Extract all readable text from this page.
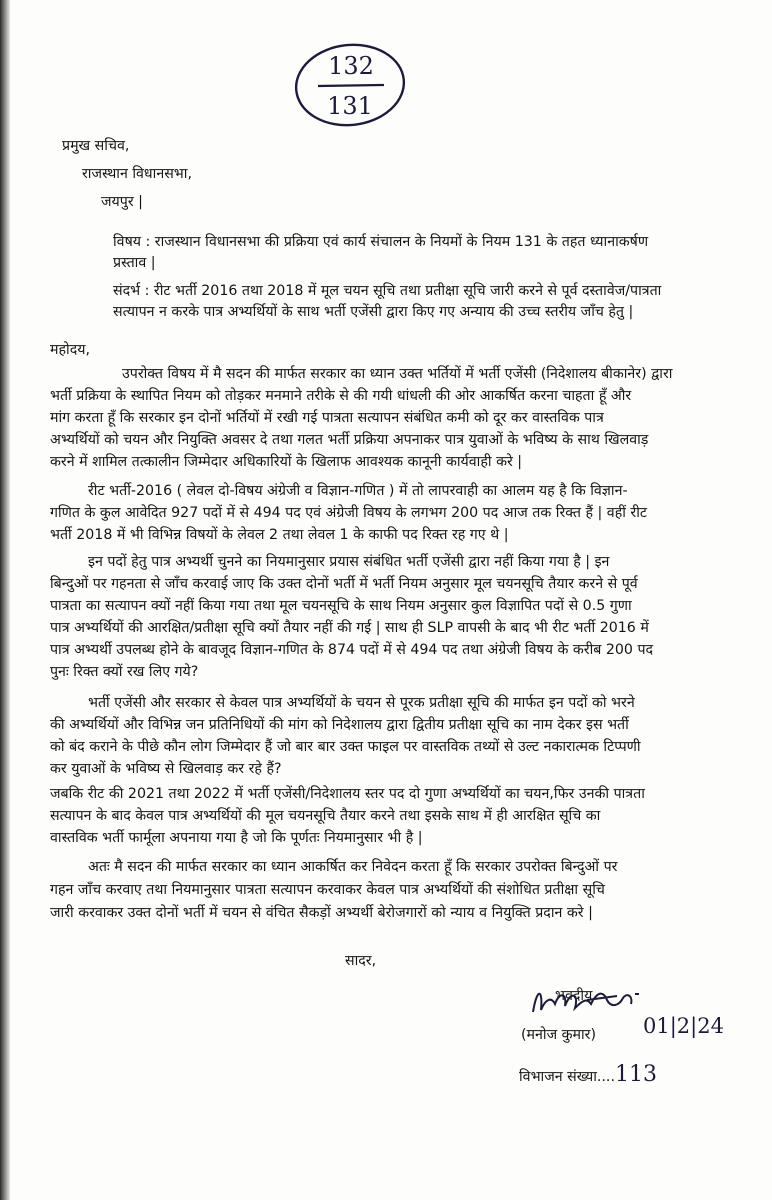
132
131
प्रमुख सचिव,
राजस्थान विधानसभा,
जयपुर |
विषय : राजस्थान विधानसभा की प्रक्रिया एवं कार्य संचालन के नियमों के नियम 131 के तहत ध्यानाकर्षण
प्रस्ताव |
संदर्भ : रीट भर्ती 2016 तथा 2018 में मूल चयन सूचि तथा प्रतीक्षा सूचि जारी करने से पूर्व दस्तावेज/पात्रता
सत्यापन न करके पात्र अभ्यर्थियों के साथ भर्ती एजेंसी द्वारा किए गए अन्याय की उच्च स्तरीय जाँच हेतु |
महोदय,
उपरोक्त विषय में मै सदन की मार्फत सरकार का ध्यान उक्त भर्तियों में भर्ती एजेंसी (निदेशालय बीकानेर) द्वारा
भर्ती प्रक्रिया के स्थापित नियम को तोड़कर मनमाने तरीके से की गयी धांधली की ओर आकर्षित करना चाहता हूँ और
मांग करता हूँ कि सरकार इन दोनों भर्तियों में रखी गई पात्रता सत्यापन संबंधित कमी को दूर कर वास्तविक पात्र
अभ्यर्थियों को चयन और नियुक्ति अवसर दे तथा गलत भर्ती प्रक्रिया अपनाकर पात्र युवाओं के भविष्य के साथ खिलवाड़
करने में शामिल तत्कालीन जिम्मेदार अधिकारियों के खिलाफ आवश्यक कानूनी कार्यवाही करे |
रीट भर्ती-2016 ( लेवल दो-विषय अंग्रेजी व विज्ञान-गणित ) में तो लापरवाही का आलम यह है कि विज्ञान-
गणित के कुल आवेदित 927 पदों में से 494 पद एवं अंग्रेजी विषय के लगभग 200 पद आज तक रिक्त हैं | वहीं रीट
भर्ती 2018 में भी विभिन्न विषयों के लेवल 2 तथा लेवल 1 के काफी पद रिक्त रह गए थे |
इन पदों हेतु पात्र अभ्यर्थी चुनने का नियमानुसार प्रयास संबंधित भर्ती एजेंसी द्वारा नहीं किया गया है | इन
बिन्दुओं पर गहनता से जाँच करवाई जाए कि उक्त दोनों भर्ती में भर्ती नियम अनुसार मूल चयनसूचि तैयार करने से पूर्व
पात्रता का सत्यापन क्यों नहीं किया गया तथा मूल चयनसूचि के साथ नियम अनुसार कुल विज्ञापित पदों से 0.5 गुणा
पात्र अभ्यर्थियों की आरक्षित/प्रतीक्षा सूचि क्यों तैयार नहीं की गई | साथ ही SLP वापसी के बाद भी रीट भर्ती 2016 में
पात्र अभ्यर्थी उपलब्ध होने के बावजूद विज्ञान-गणित के 874 पदों में से 494 पद तथा अंग्रेजी विषय के करीब 200 पद
पुनः रिक्त क्यों रख लिए गये?
भर्ती एजेंसी और सरकार से केवल पात्र अभ्यर्थियों के चयन से पूरक प्रतीक्षा सूचि की मार्फत इन पदों को भरने
की अभ्यर्थियों और विभिन्न जन प्रतिनिधियों की मांग को निदेशालय द्वारा द्वितीय प्रतीक्षा सूचि का नाम देकर इस भर्ती
को बंद कराने के पीछे कौन लोग जिम्मेदार हैं जो बार बार उक्त फाइल पर वास्तविक तथ्यों से उल्ट नकारात्मक टिप्पणी
कर युवाओं के भविष्य से खिलवाड़ कर रहे हैं?
जबकि रीट की 2021 तथा 2022 में भर्ती एजेंसी/निदेशालय स्तर पद दो गुणा अभ्यर्थियों का चयन,फिर उनकी पात्रता
सत्यापन के बाद केवल पात्र अभ्यर्थियों की मूल चयनसूचि तैयार करने तथा इसके साथ में ही आरक्षित सूचि का
वास्तविक भर्ती फार्मूला अपनाया गया है जो कि पूर्णतः नियमानुसार भी है |
अतः मै सदन की मार्फत सरकार का ध्यान आकर्षित कर निवेदन करता हूँ कि सरकार उपरोक्त बिन्दुओं पर
गहन जाँच करवाए तथा नियमानुसार पात्रता सत्यापन करवाकर केवल पात्र अभ्यर्थियों की संशोधित प्रतीक्षा सूचि
जारी करवाकर उक्त दोनों भर्ती में चयन से वंचित सैकड़ों अभ्यर्थी बेरोजगारों को न्याय व नियुक्ति प्रदान करे |
सादर,
भवदीय
01|2|24
(मनोज कुमार)
विभाजन संख्या....113
